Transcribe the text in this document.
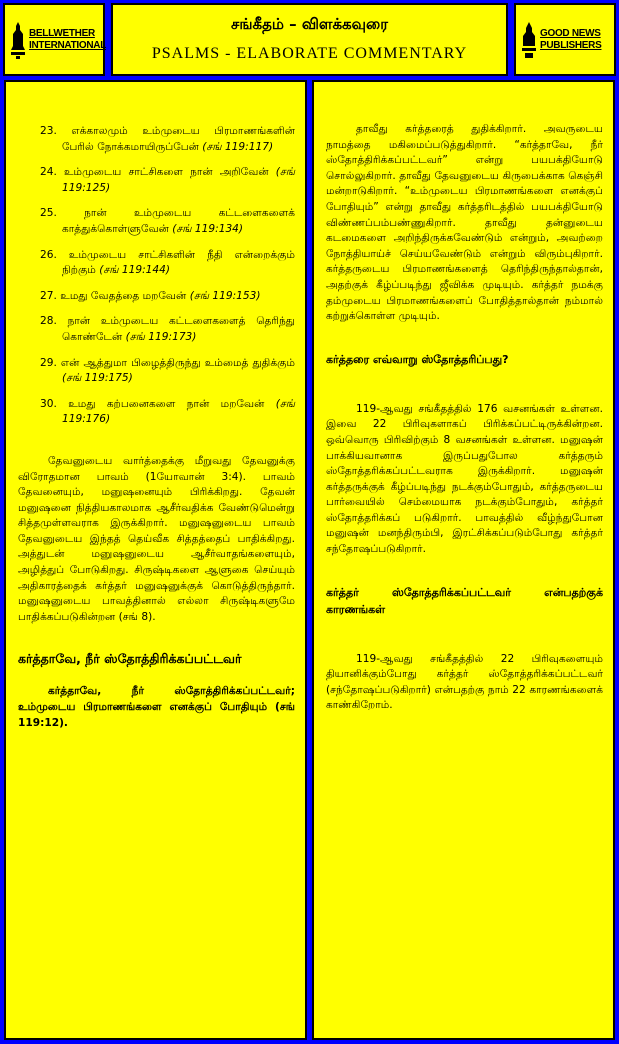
BELLWETHER
INTERNATIONAL
சங்கீதம் – விளக்கவுரை
PSALMS - ELABORATE COMMENTARY
GOOD NEWS
PUBLISHERS

23. எக்காலமும் உம்முடைய பிரமாணங்களின் பேரில் நோக்கமாயிருப்பேன் (சங் 119:117)

24. உம்முடைய சாட்சிகளை நான் அறிவேன் (சங் 119:125)

25. நான் உம்முடைய கட்டளைகளைக் காத்துக்கொள்ளுவேன் (சங் 119:134)

26. உம்முடைய சாட்சிகளின் நீதி என்றைக்கும் நிற்கும் (சங் 119:144)

27. உமது வேதத்தை மறவேன் (சங் 119:153)

28. நான் உம்முடைய கட்டளைகளைத் தெரிந்து கொண்டேன் (சங் 119:173)

29. என் ஆத்துமா பிழைத்திருந்து உம்மைத் துதிக்கும் (சங் 119:175)

30. உமது கற்பனைகளை நான் மறவேன் (சங் 119:176)

தேவனுடைய வார்த்தைக்கு மீறுவது தேவனுக்கு விரோதமான பாவம் (1யோவான் 3:4). பாவம் தேவனையும், மனுஷனையும் பிரிக்கிறது. தேவன் மனுஷனை நித்தியகாலமாக ஆசீர்வதிக்க வேண்டுமென்று சித்தமுள்ளவராக இருக்கிறார். மனுஷனுடைய பாவம் தேவனுடைய இந்தத் தெய்வீக சித்தத்தைப் பாதிக்கிறது. அத்துடன் மனுஷனுடைய ஆசீர்வாதங்களையும், அழித்துப் போடுகிறது. சிருஷ்டிகளை ஆளுகை செய்யும் அதிகாரத்தைக் கர்த்தர் மனுஷனுக்குக் கொடுத்திருந்தார். மனுஷனுடைய பாவத்தினால் எல்லா சிருஷ்டிகளுமே பாதிக்கப்படுகின்றன (சங் 8).

கர்த்தாவே, நீர் ஸ்தோத்திரிக்கப்பட்டவர்

கர்த்தாவே, நீர் ஸ்தோத்திரிக்கப்பட்டவர்; உம்முடைய பிரமாணங்களை எனக்குப் போதியும் (சங் 119:12).

தாவீது கர்த்தரைத் துதிக்கிறார். அவருடைய நாமத்தை மகிமைப்படுத்துகிறார். “கர்த்தாவே, நீர் ஸ்தோத்திரிக்கப்பட்டவர்” என்று பயபக்தியோடு சொல்லுகிறார். தாவீது தேவனுடைய கிருபைக்காக கெஞ்சி மன்றாடுகிறார். “உம்முடைய பிரமாணங்களை எனக்குப் போதியும்” என்று தாவீது கர்த்தரிடத்தில் பயபக்தியோடு விண்ணப்பம்பண்ணுகிறார். தாவீது தன்னுடைய கடமைகளை அறிந்திருக்கவேண்டும் என்றும், அவற்றை நோத்தியாய்ச் செய்யவேண்டும் என்றும் விரும்புகிறார். கர்த்தருடைய பிரமாணங்களைத் தெரிந்திருந்தால்தான், அதற்குக் கீழ்ப்படிந்து ஜீவிக்க முடியும். கர்த்தர் நமக்கு தம்முடைய பிரமாணங்களைப் போதித்தால்தான் நம்மால் கற்றுக்கொள்ள முடியும்.

கர்த்தரை எவ்வாறு ஸ்தோத்தரிப்பது?

119-ஆவது சங்கீதத்தில் 176 வசனங்கள் உள்ளன. இவை 22 பிரிவுகளாகப் பிரிக்கப்பட்டிருக்கின்றன. ஒவ்வொரு பிரிவிற்கும் 8 வசனங்கள் உள்ளன. மனுஷன் பாக்கியவானாக இருப்பதுபோல கர்த்தரும் ஸ்தோத்தரிக்கப்பட்டவராக இருக்கிறார். மனுஷன் கர்த்தருக்குக் கீழ்ப்படிந்து நடக்கும்போதும், கர்த்தருடைய பார்வையில் செம்மையாக நடக்கும்போதும், கர்த்தர் ஸ்தோத்தரிக்கப் படுகிறார். பாவத்தில் வீழ்ந்துபோன மனுஷன் மனந்திரும்பி, இரட்சிக்கப்படும்போது கர்த்தர் சந்தோஷப்படுகிறார்.

கர்த்தர் ஸ்தோத்தரிக்கப்பட்டவர் என்பதற்குக் காரணங்கள்

119-ஆவது சங்கீதத்தில் 22 பிரிவுகளையும் தியானிக்கும்போது கர்த்தர் ஸ்தோத்தரிக்கப்பட்டவர் (சந்தோஷப்படுகிறார்) என்பதற்கு நாம் 22 காரணங்களைக் காண்கிறோம்.
